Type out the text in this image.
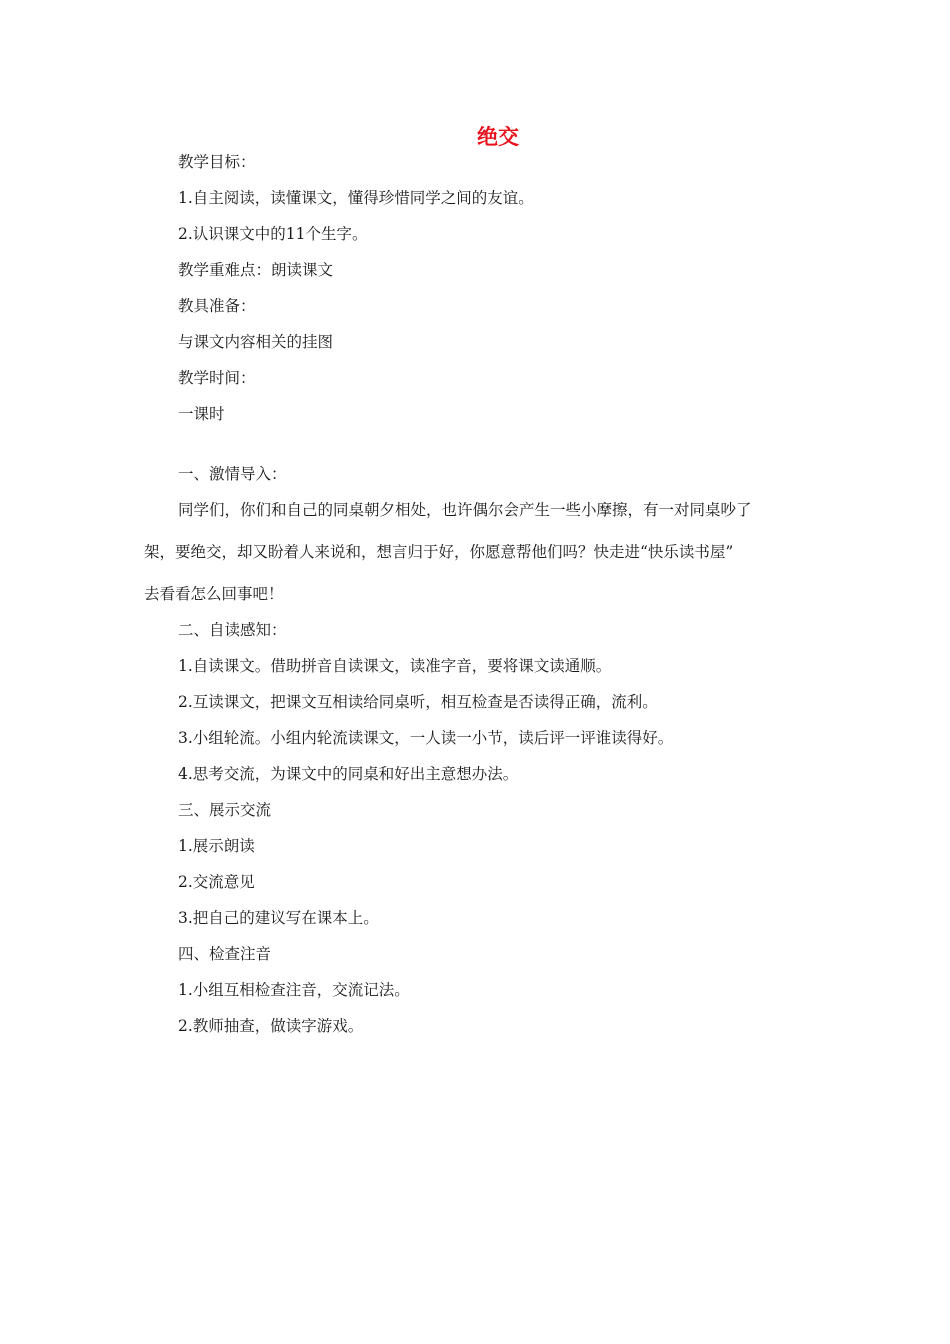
绝交
教学目标：
1.自主阅读，读懂课文，懂得珍惜同学之间的友谊。
2.认识课文中的11个生字。
教学重难点：朗读课文
教具准备：
与课文内容相关的挂图
教学时间：
一课时
一、激情导入：
同学们，你们和自己的同桌朝夕相处，也许偶尔会产生一些小摩擦，有一对同桌吵了
架，要绝交，却又盼着人来说和，想言归于好，你愿意帮他们吗？快走进“快乐读书屋”
去看看怎么回事吧！
二、自读感知：
1.自读课文。借助拼音自读课文，读准字音，要将课文读通顺。
2.互读课文，把课文互相读给同桌听，相互检查是否读得正确，流利。
3.小组轮流。小组内轮流读课文，一人读一小节，读后评一评谁读得好。
4.思考交流，为课文中的同桌和好出主意想办法。
三、展示交流
1.展示朗读
2.交流意见
3.把自己的建议写在课本上。
四、检查注音
1.小组互相检查注音，交流记法。
2.教师抽查，做读字游戏。
